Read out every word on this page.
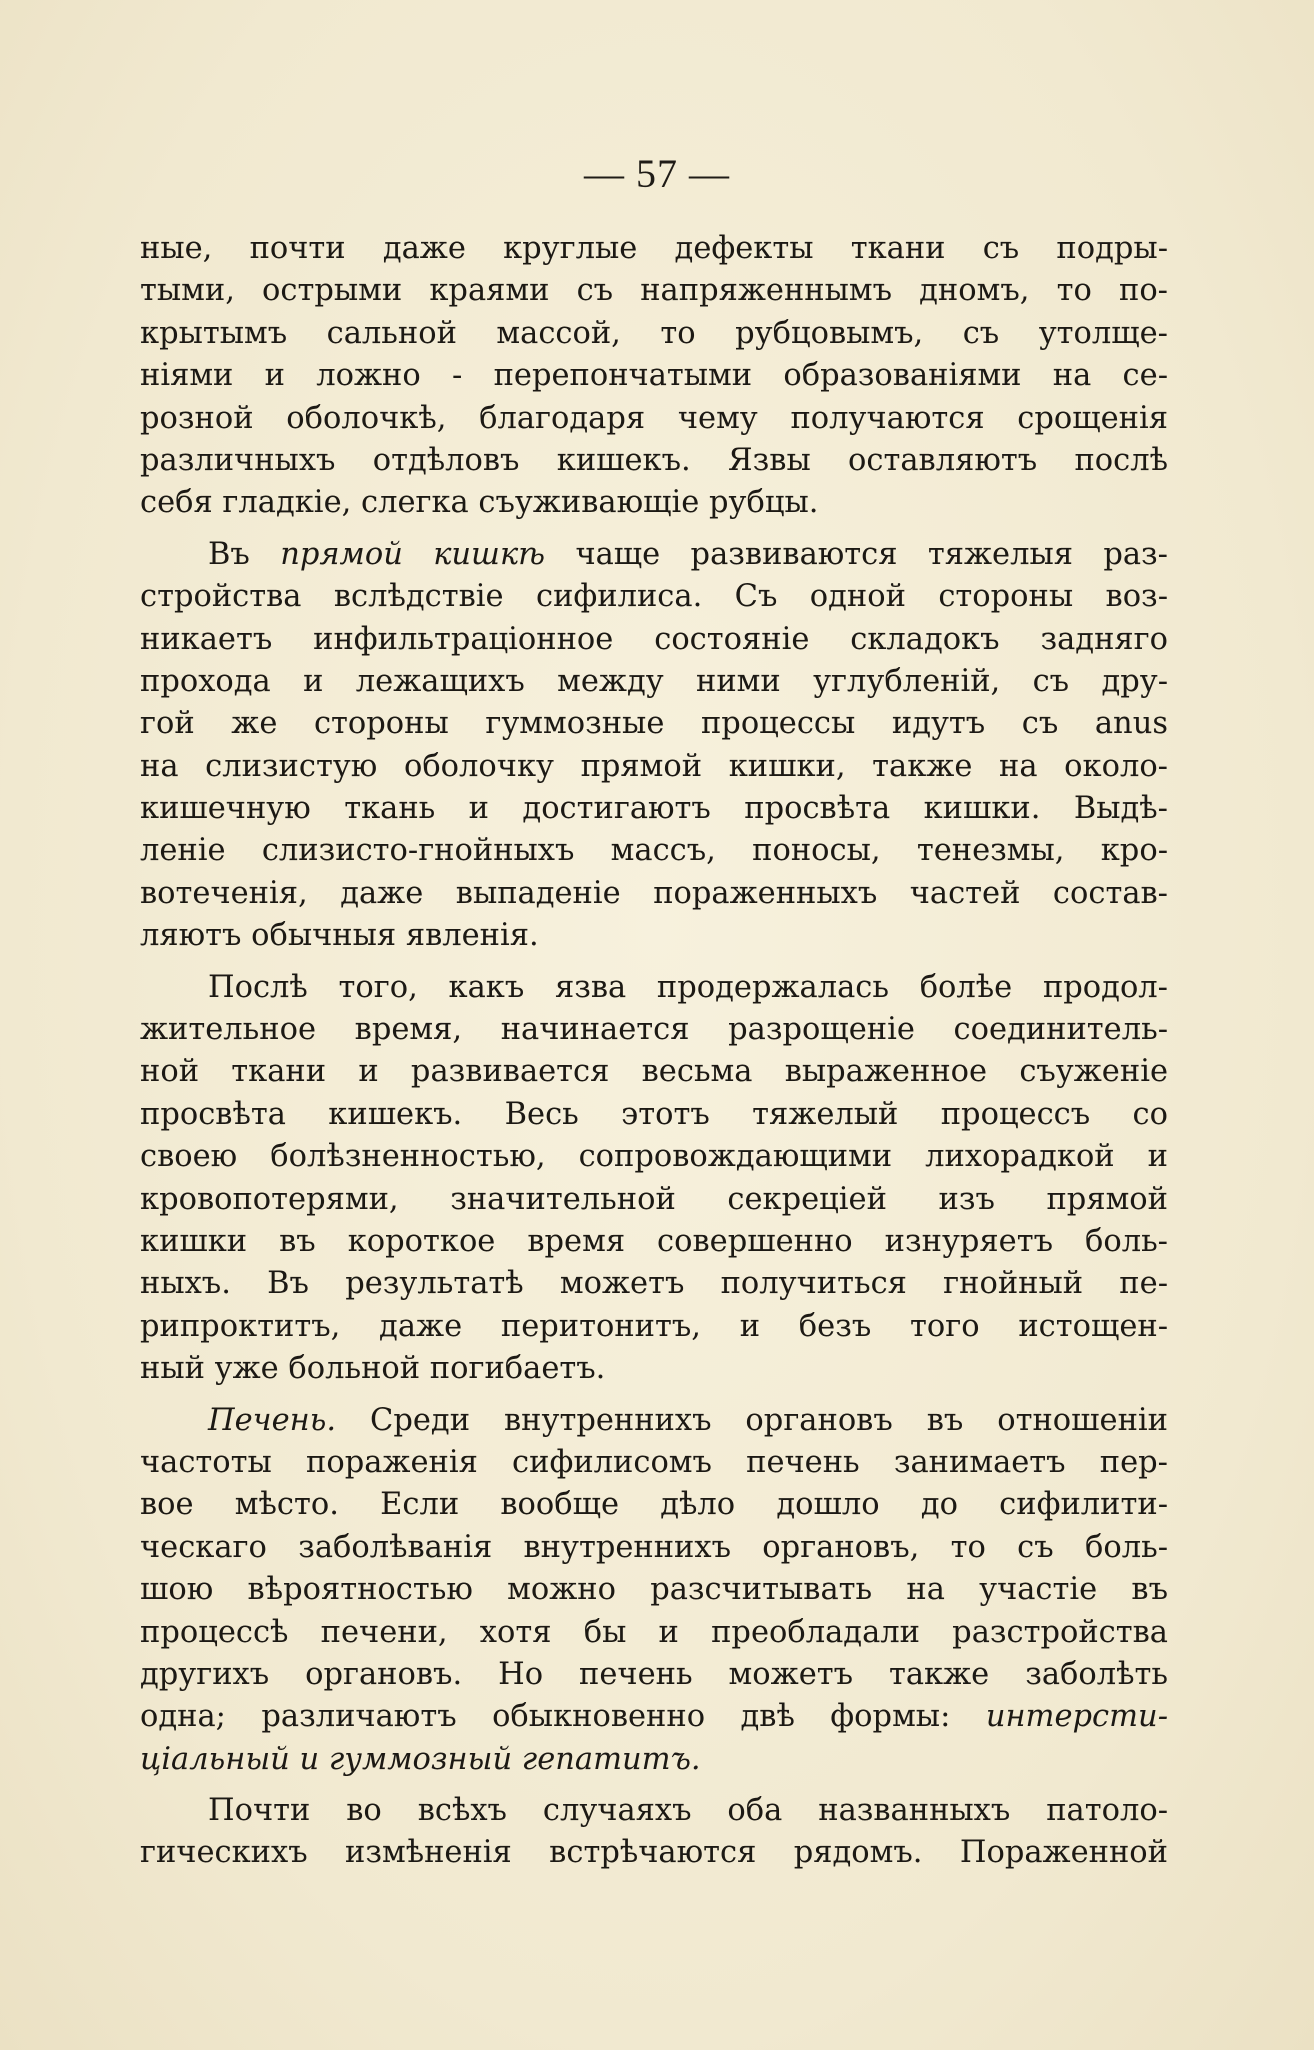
— 57 —
ные, почти даже круглые дефекты ткани съ подры-
тыми, острыми краями съ напряженнымъ дномъ, то по-
крытымъ сальной массой, то рубцовымъ, съ утолще-
ніями и ложно - перепончатыми образованіями на се-
розной оболочкѣ, благодаря чему получаются срощенія
различныхъ отдѣловъ кишекъ. Язвы оставляютъ послѣ
себя гладкіе, слегка съуживающіе рубцы.
Въ прямой кишкѣ чаще развиваются тяжелыя раз-
стройства вслѣдствіе сифилиса. Съ одной стороны воз-
никаетъ инфильтраціонное состояніе складокъ задняго
прохода и лежащихъ между ними углубленій, съ дру-
гой же стороны гуммозные процессы идутъ съ anus
на слизистую оболочку прямой кишки, также на около-
кишечную ткань и достигаютъ просвѣта кишки. Выдѣ-
леніе слизисто-гнойныхъ массъ, поносы, тенезмы, кро-
вотеченія, даже выпаденіе пораженныхъ частей состав-
ляютъ обычныя явленія.
Послѣ того, какъ язва продержалась болѣе продол-
жительное время, начинается разрощеніе соединитель-
ной ткани и развивается весьма выраженное съуженіе
просвѣта кишекъ. Весь этотъ тяжелый процессъ со
своею болѣзненностью, сопровождающими лихорадкой и
кровопотерями, значительной секреціей изъ прямой
кишки въ короткое время совершенно изнуряетъ боль-
ныхъ. Въ результатѣ можетъ получиться гнойный пе-
рипроктитъ, даже перитонитъ, и безъ того истощен-
ный уже больной погибаетъ.
Печень. Среди внутреннихъ органовъ въ отношеніи
частоты пораженія сифилисомъ печень занимаетъ пер-
вое мѣсто. Если вообще дѣло дошло до сифилити-
ческаго заболѣванія внутреннихъ органовъ, то съ боль-
шою вѣроятностью можно разсчитывать на участіе въ
процессѣ печени, хотя бы и преобладали разстройства
другихъ органовъ. Но печень можетъ также заболѣть
одна; различаютъ обыкновенно двѣ формы: интерсти-
ціальный и гуммозный гепатитъ.
Почти во всѣхъ случаяхъ оба названныхъ патоло-
гическихъ измѣненія встрѣчаются рядомъ. Пораженной
